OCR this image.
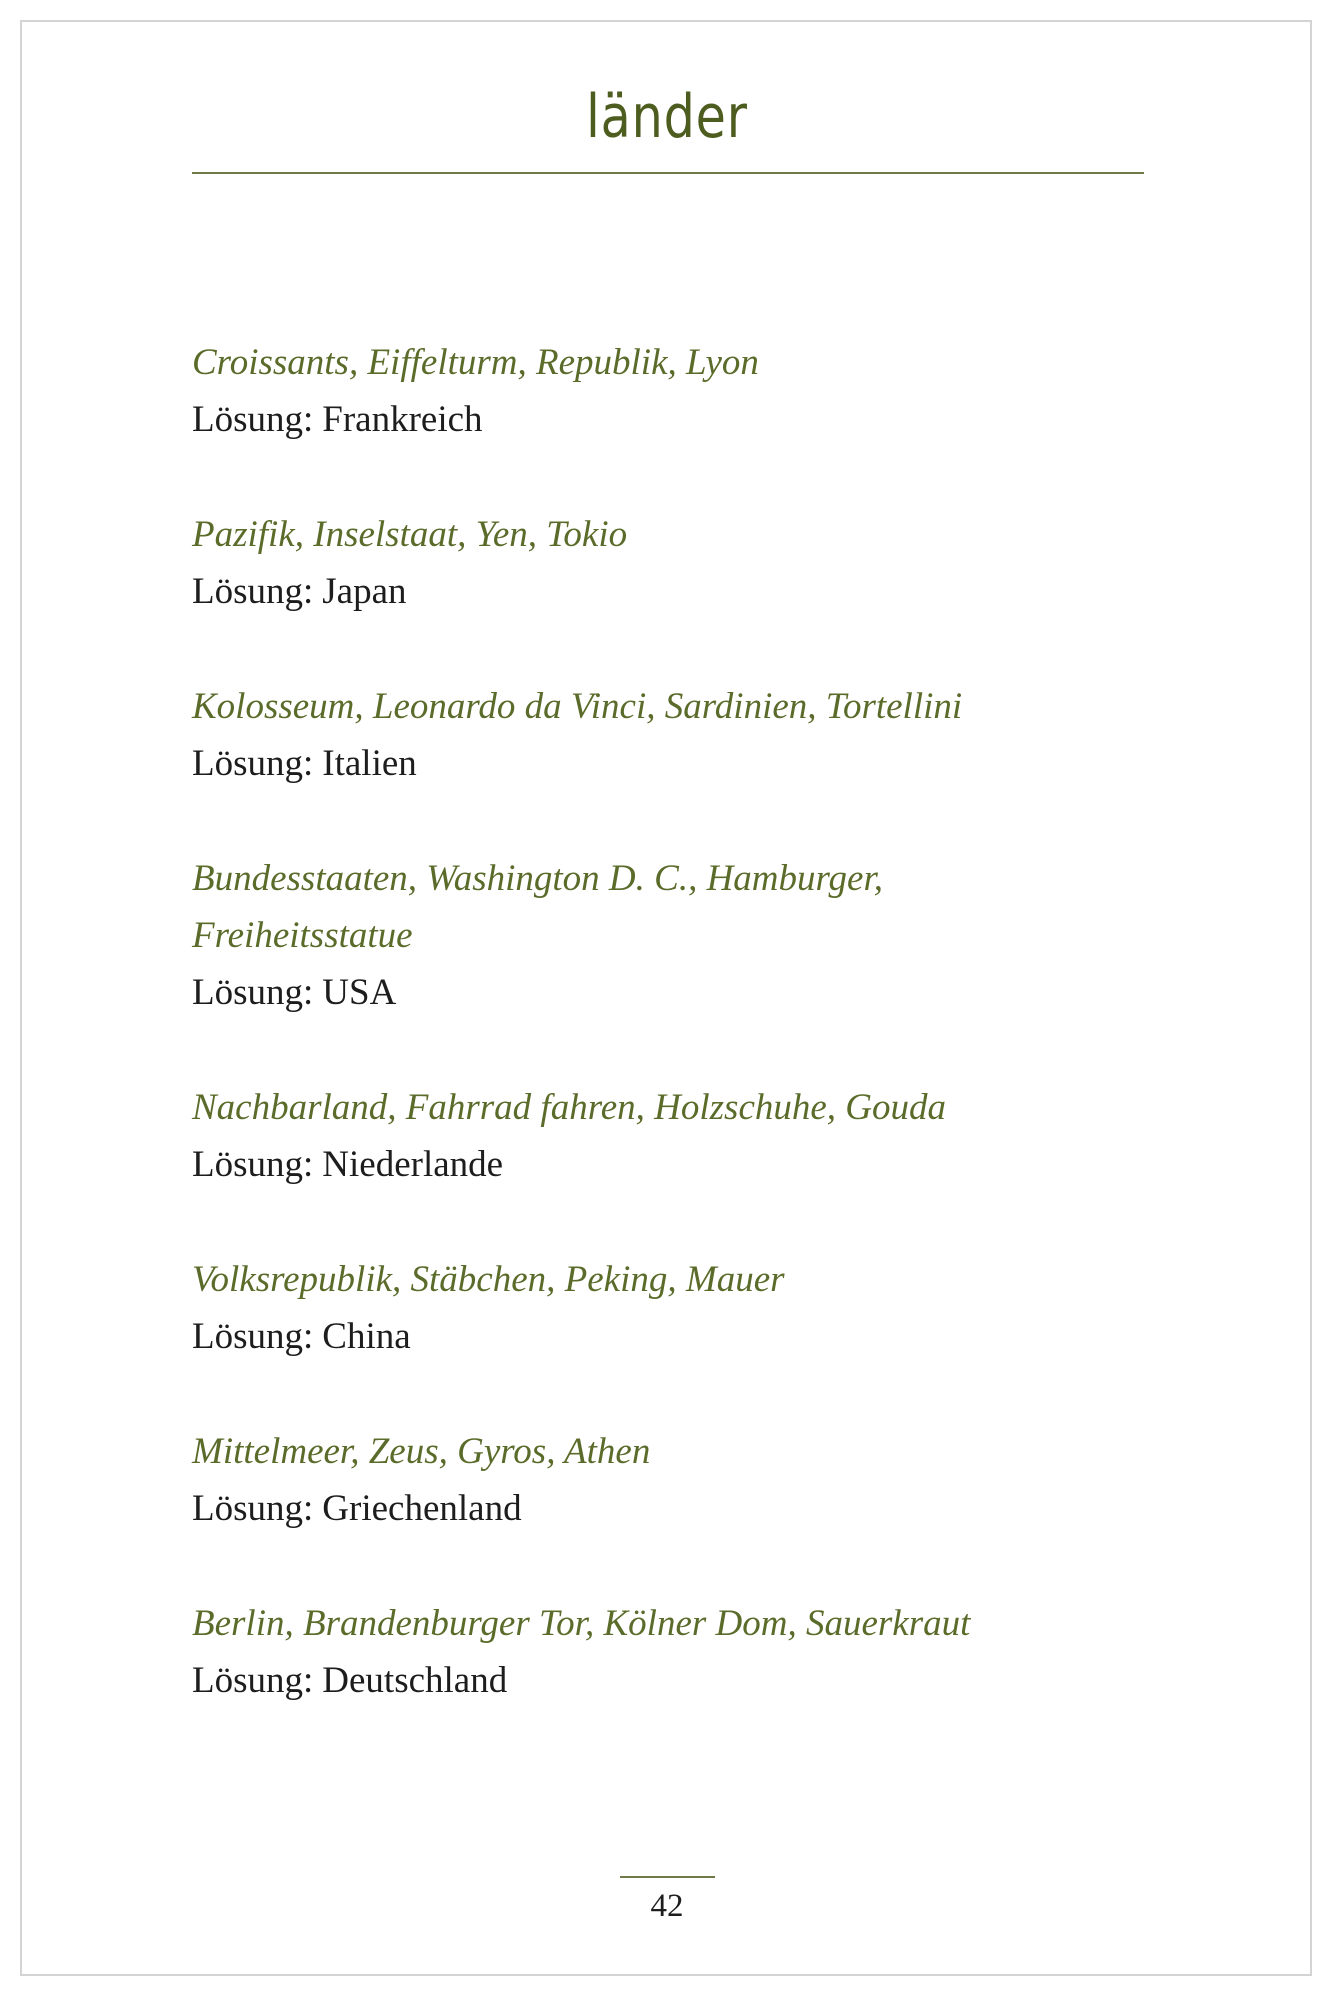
länder
Croissants, Eiffelturm, Republik, Lyon
Lösung: Frankreich
Pazifik, Inselstaat, Yen, Tokio
Lösung: Japan
Kolosseum, Leonardo da Vinci, Sardinien, Tortellini
Lösung: Italien
Bundesstaaten, Washington D. C., Hamburger, Freiheitsstatue
Lösung: USA
Nachbarland, Fahrrad fahren, Holzschuhe, Gouda
Lösung: Niederlande
Volksrepublik, Stäbchen, Peking, Mauer
Lösung: China
Mittelmeer, Zeus, Gyros, Athen
Lösung: Griechenland
Berlin, Brandenburger Tor, Kölner Dom, Sauerkraut
Lösung: Deutschland
42
